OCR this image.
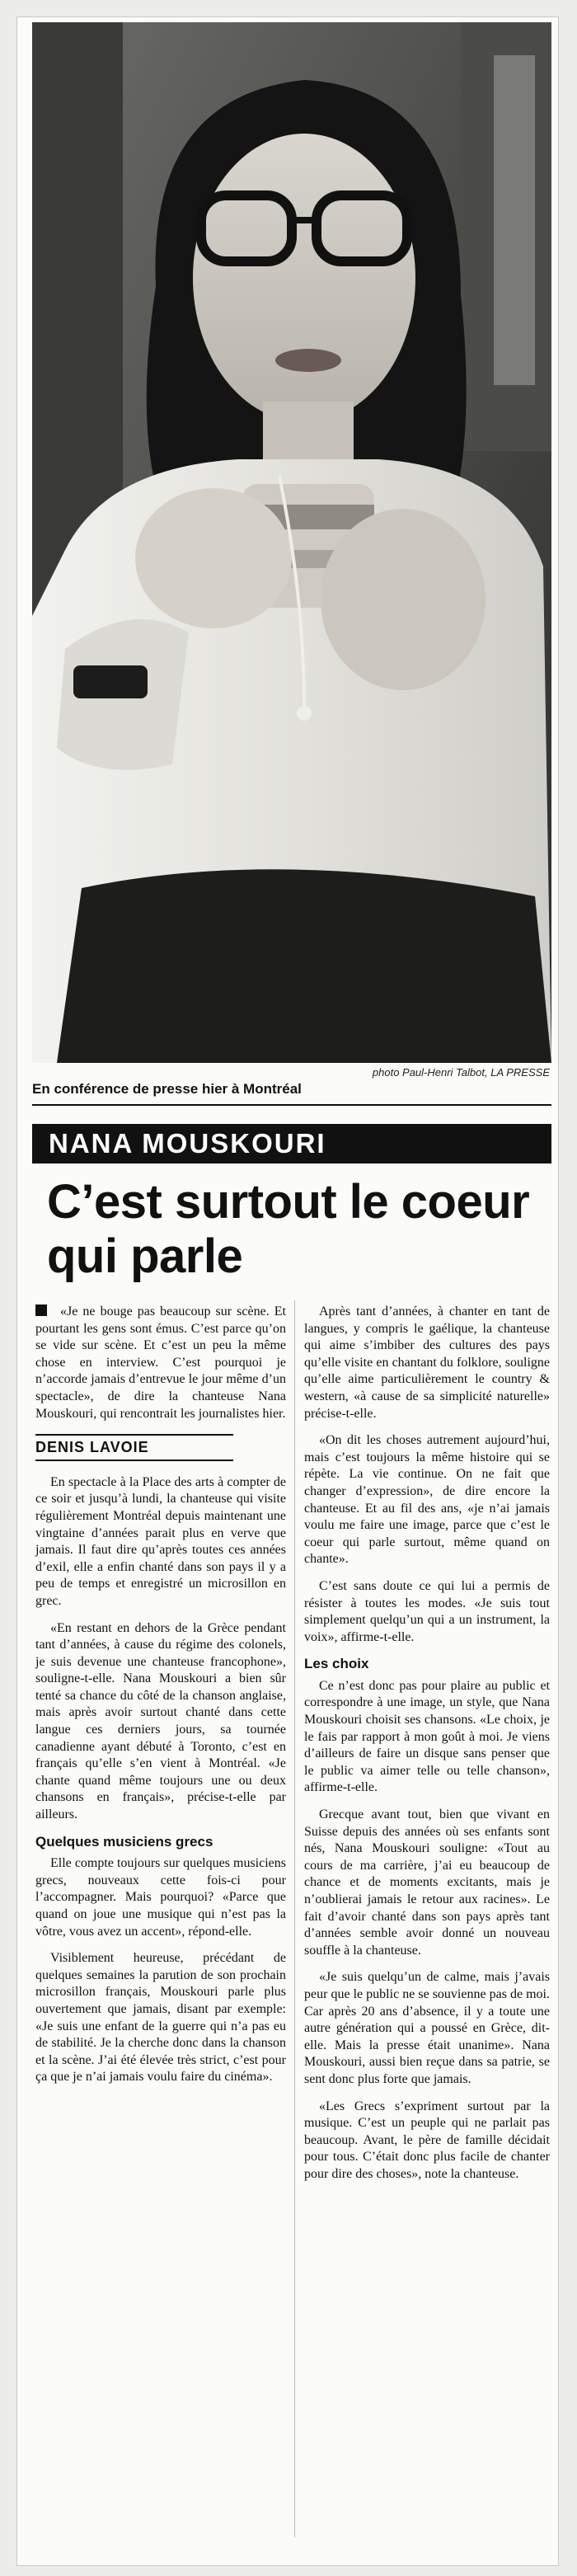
photo Paul-Henri Talbot, LA PRESSE
En conférence de presse hier à Montréal
NANA MOUSKOURI
C’est surtout le coeur qui parle

«Je ne bouge pas beaucoup sur scène. Et pourtant les gens sont émus. C’est parce qu’on se vide sur scène. Et c’est un peu la même chose en interview. C’est pourquoi je n’accorde jamais d’entrevue le jour même d’un spectacle», de dire la chanteuse Nana Mouskouri, qui rencontrait les journalistes hier.

DENIS LAVOIE

En spectacle à la Place des arts à compter de ce soir et jusqu’à lundi, la chanteuse qui visite régulièrement Montréal depuis maintenant une vingtaine d’années parait plus en verve que jamais. Il faut dire qu’après toutes ces années d’exil, elle a enfin chanté dans son pays il y a peu de temps et enregistré un microsillon en grec.

«En restant en dehors de la Grèce pendant tant d’années, à cause du régime des colonels, je suis devenue une chanteuse francophone», souligne-t-elle. Nana Mouskouri a bien sûr tenté sa chance du côté de la chanson anglaise, mais après avoir surtout chanté dans cette langue ces derniers jours, sa tournée canadienne ayant débuté à Toronto, c’est en français qu’elle s’en vient à Montréal. «Je chante quand même toujours une ou deux chansons en français», précise-t-elle par ailleurs.

Quelques musiciens grecs

Elle compte toujours sur quelques musiciens grecs, nouveaux cette fois-ci pour l’accompagner. Mais pourquoi? «Parce que quand on joue une musique qui n’est pas la vôtre, vous avez un accent», répond-elle.

Visiblement heureuse, précédant de quelques semaines la parution de son prochain microsillon français, Mouskouri parle plus ouvertement que jamais, disant par exemple: «Je suis une enfant de la guerre qui n’a pas eu de stabilité. Je la cherche donc dans la chanson et la scène. J’ai été élevée très strict, c’est pour ça que je n’ai jamais voulu faire du cinéma».

Après tant d’années, à chanter en tant de langues, y compris le gaélique, la chanteuse qui aime s’imbiber des cultures des pays qu’elle visite en chantant du folklore, souligne qu’elle aime particulièrement le country & western, «à cause de sa simplicité naturelle» précise-t-elle.

«On dit les choses autrement aujourd’hui, mais c’est toujours la même histoire qui se répète. La vie continue. On ne fait que changer d’expression», de dire encore la chanteuse. Et au fil des ans, «je n’ai jamais voulu me faire une image, parce que c’est le coeur qui parle surtout, même quand on chante».

C’est sans doute ce qui lui a permis de résister à toutes les modes. «Je suis tout simplement quelqu’un qui a un instrument, la voix», affirme-t-elle.

Les choix

Ce n’est donc pas pour plaire au public et correspondre à une image, un style, que Nana Mouskouri choisit ses chansons. «Le choix, je le fais par rapport à mon goût à moi. Je viens d’ailleurs de faire un disque sans penser que le public va aimer telle ou telle chanson», affirme-t-elle.

Grecque avant tout, bien que vivant en Suisse depuis des années où ses enfants sont nés, Nana Mouskouri souligne: «Tout au cours de ma carrière, j’ai eu beaucoup de chance et de moments excitants, mais je n’oublierai jamais le retour aux racines». Le fait d’avoir chanté dans son pays après tant d’années semble avoir donné un nouveau souffle à la chanteuse.

«Je suis quelqu’un de calme, mais j’avais peur que le public ne se souvienne pas de moi. Car après 20 ans d’absence, il y a toute une autre génération qui a poussé en Grèce, dit-elle. Mais la presse était unanime». Nana Mouskouri, aussi bien reçue dans sa patrie, se sent donc plus forte que jamais.

«Les Grecs s’expriment surtout par la musique. C’est un peuple qui ne parlait pas beaucoup. Avant, le père de famille décidait pour tous. C’était donc plus facile de chanter pour dire des choses», note la chanteuse.
